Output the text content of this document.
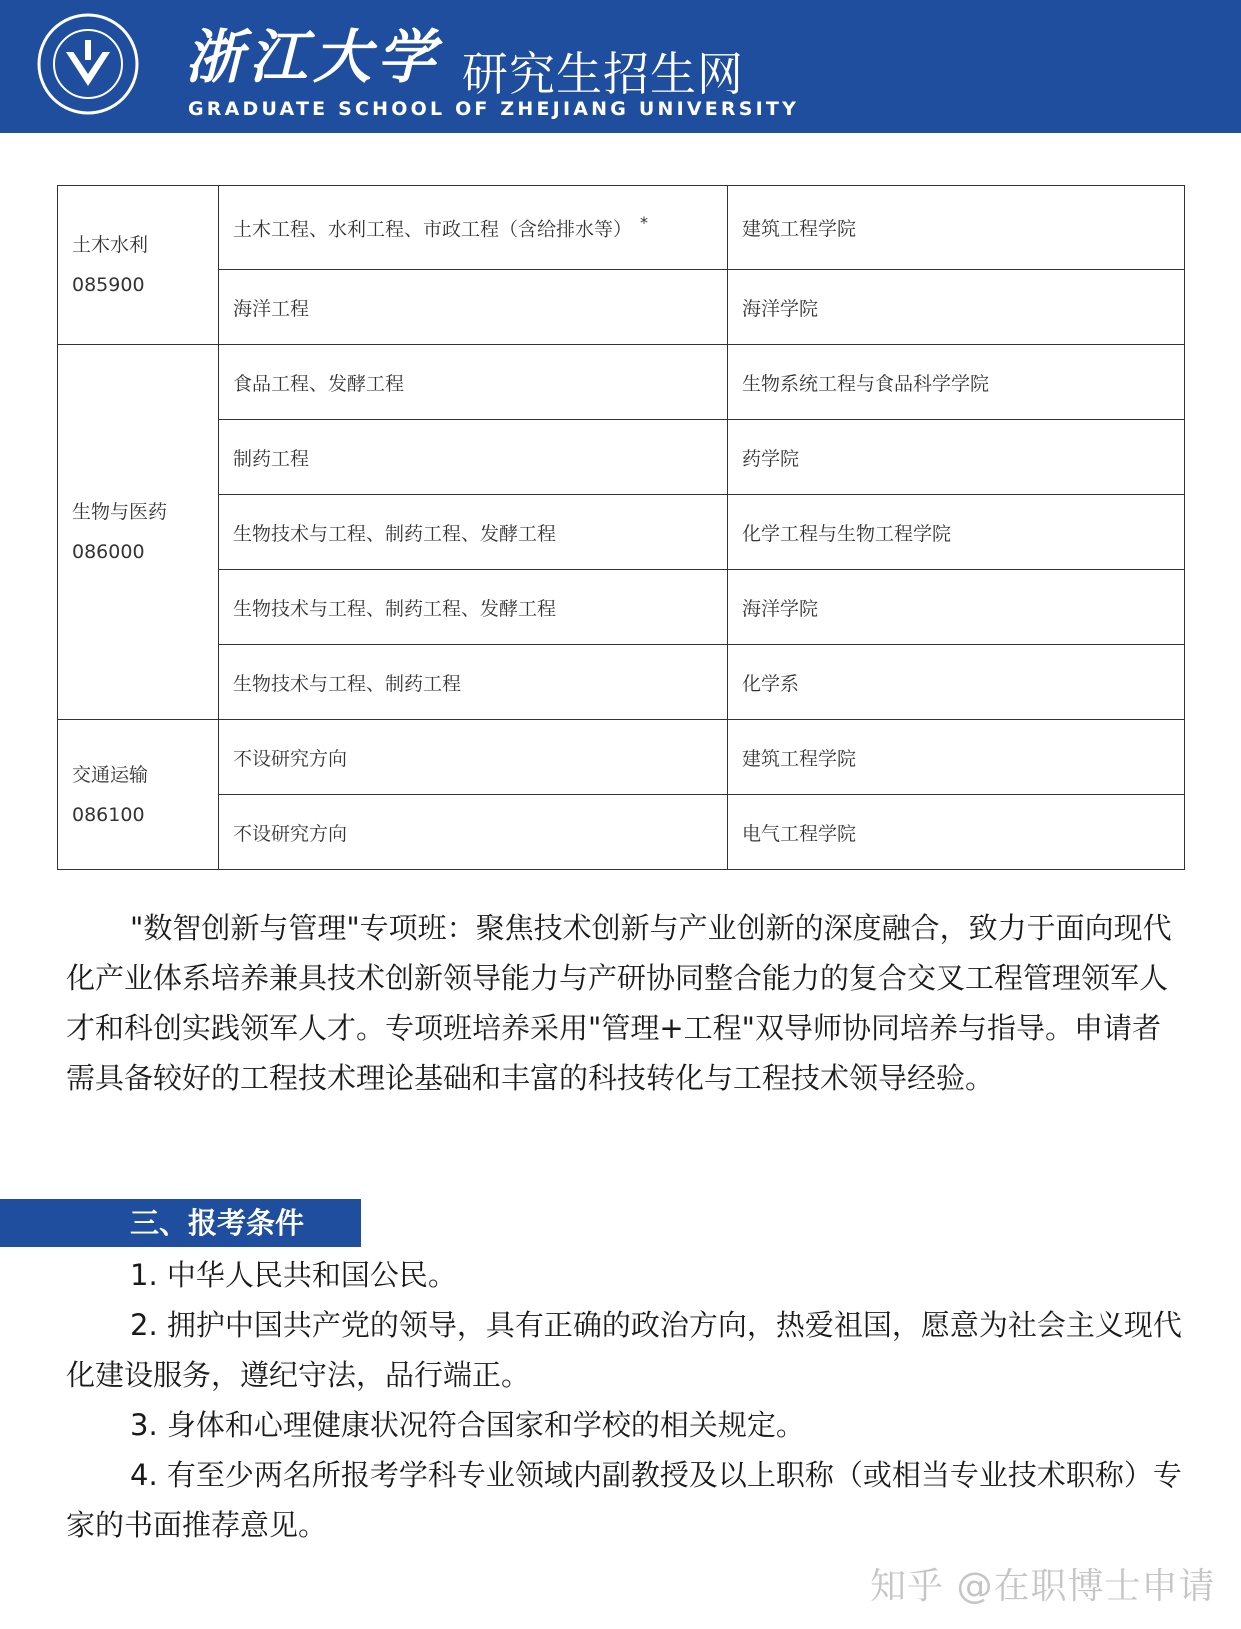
浙江大学 研究生招生网
GRADUATE SCHOOL OF ZHEJIANG UNIVERSITY
土木水利
085900	土木工程、水利工程、市政工程（含给排水等） *	建筑工程学院
	海洋工程	海洋学院

生物与医药
086000	食品工程、发酵工程	生物系统工程与食品科学学院
	制药工程	药学院
	生物技术与工程、制药工程、发酵工程	化学工程与生物工程学院
	生物技术与工程、制药工程、发酵工程	海洋学院
	生物技术与工程、制药工程	化学系

交通运输
086100	不设研究方向	建筑工程学院
	不设研究方向	电气工程学院

"数智创新与管理"专项班：聚焦技术创新与产业创新的深度融合，致力于面向现代化产业体系培养兼具技术创新领导能力与产研协同整合能力的复合交叉工程管理领军人才和科创实践领军人才。专项班培养采用"管理+工程"双导师协同培养与指导。申请者需具备较好的工程技术理论基础和丰富的科技转化与工程技术领导经验。

三、报考条件

1. 中华人民共和国公民。

2. 拥护中国共产党的领导，具有正确的政治方向，热爱祖国，愿意为社会主义现代化建设服务，遵纪守法，品行端正。

3. 身体和心理健康状况符合国家和学校的相关规定。

4. 有至少两名所报考学科专业领域内副教授及以上职称（或相当专业技术职称）专家的书面推荐意见。

知乎 @在职博士申请
